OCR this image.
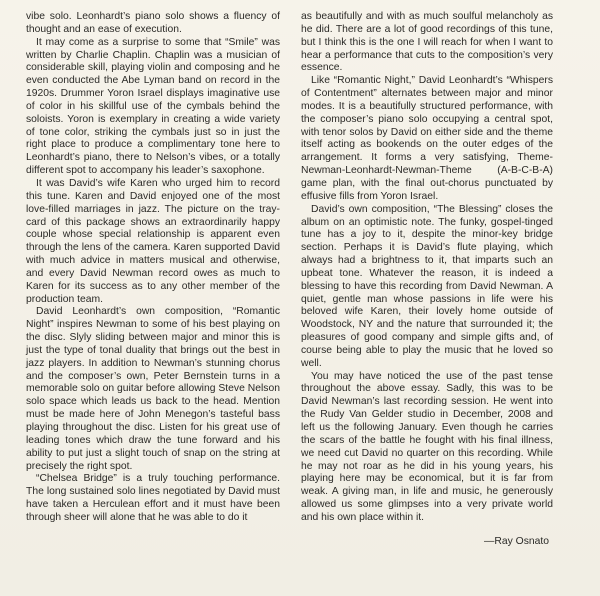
vibe solo. Leonhardt’s piano solo shows a fluency of thought and an ease of execution.

It may come as a surprise to some that “Smile” was written by Charlie Chaplin. Chaplin was a musician of considerable skill, playing violin and composing and he even conducted the Abe Lyman band on record in the 1920s. Drummer Yoron Israel displays imaginative use of color in his skillful use of the cymbals behind the soloists. Yoron is exemplary in creating a wide variety of tone color, striking the cymbals just so in just the right place to produce a complimentary tone here to Leonhardt’s piano, there to Nelson’s vibes, or a totally different spot to accompany his leader’s saxophone.

It was David’s wife Karen who urged him to record this tune. Karen and David enjoyed one of the most love-filled marriages in jazz. The picture on the tray-card of this package shows an extraordinarily happy couple whose special relationship is apparent even through the lens of the camera. Karen supported David with much advice in matters musical and otherwise, and every David Newman record owes as much to Karen for its success as to any other member of the production team.

David Leonhardt’s own composition, “Romantic Night” inspires Newman to some of his best playing on the disc. Slyly sliding between major and minor this is just the type of tonal duality that brings out the best in jazz players. In addition to Newman’s stunning chorus and the composer’s own, Peter Bernstein turns in a memorable solo on guitar before allowing Steve Nelson solo space which leads us back to the head. Mention must be made here of John Menegon’s tasteful bass playing throughout the disc. Listen for his great use of leading tones which draw the tune forward and his ability to put just a slight touch of snap on the string at precisely the right spot.

“Chelsea Bridge” is a truly touching performance. The long sustained solo lines negotiated by David must have taken a Herculean effort and it must have been through sheer will alone that he was able to do it

as beautifully and with as much soulful melancholy as he did. There are a lot of good recordings of this tune, but I think this is the one I will reach for when I want to hear a performance that cuts to the composition’s very essence.

Like “Romantic Night,” David Leonhardt’s “Whispers of Contentment” alternates between major and minor modes. It is a beautifully structured performance, with the composer’s piano solo occupying a central spot, with tenor solos by David on either side and the theme itself acting as bookends on the outer edges of the arrangement. It forms a very satisfying, Theme-Newman-Leonhardt-Newman-Theme (A-B-C-B-A) game plan, with the final out-chorus punctuated by effusive fills from Yoron Israel.

David’s own composition, “The Blessing” closes the album on an optimistic note. The funky, gospel-tinged tune has a joy to it, despite the minor-key bridge section. Perhaps it is David’s flute playing, which always had a brightness to it, that imparts such an upbeat tone. Whatever the reason, it is indeed a blessing to have this recording from David Newman. A quiet, gentle man whose passions in life were his beloved wife Karen, their lovely home outside of Woodstock, NY and the nature that surrounded it; the pleasures of good company and simple gifts and, of course being able to play the music that he loved so well.

You may have noticed the use of the past tense throughout the above essay. Sadly, this was to be David Newman’s last recording session. He went into the Rudy Van Gelder studio in December, 2008 and left us the following January. Even though he carries the scars of the battle he fought with his final illness, we need cut David no quarter on this recording. While he may not roar as he did in his young years, his playing here may be economical, but it is far from weak. A giving man, in life and music, he generously allowed us some glimpses into a very private world and his own place within it.

—Ray Osnato
